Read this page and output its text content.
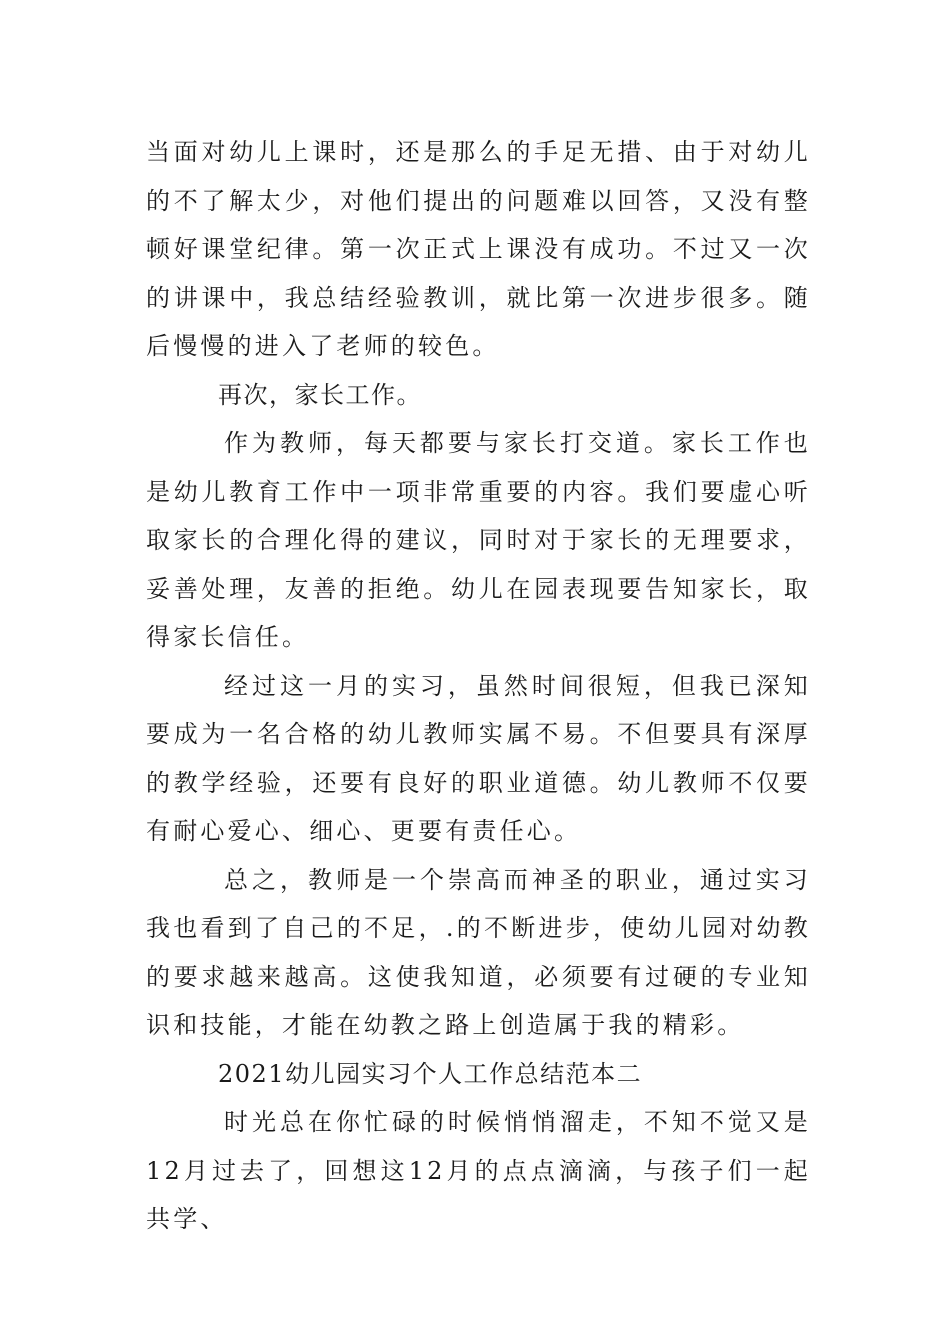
当面对幼儿上课时，还是那么的手足无措、由于对幼儿的不了解太少，对他们提出的问题难以回答，又没有整顿好课堂纪律。第一次正式上课没有成功。不过又一次的讲课中，我总结经验教训，就比第一次进步很多。随后慢慢的进入了老师的较色。

再次，家长工作。

作为教师，每天都要与家长打交道。家长工作也是幼儿教育工作中一项非常重要的内容。我们要虚心听取家长的合理化得的建议，同时对于家长的无理要求，妥善处理，友善的拒绝。幼儿在园表现要告知家长，取得家长信任。

经过这一月的实习，虽然时间很短，但我已深知要成为一名合格的幼儿教师实属不易。不但要具有深厚的教学经验，还要有良好的职业道德。幼儿教师不仅要有耐心爱心、细心、更要有责任心。

总之，教师是一个崇高而神圣的职业，通过实习我也看到了自己的不足，.的不断进步，使幼儿园对幼教的要求越来越高。这使我知道，必须要有过硬的专业知识和技能，才能在幼教之路上创造属于我的精彩。

2021幼儿园实习个人工作总结范本二

时光总在你忙碌的时候悄悄溜走，不知不觉又是12月过去了，回想这12月的点点滴滴，与孩子们一起共学、
